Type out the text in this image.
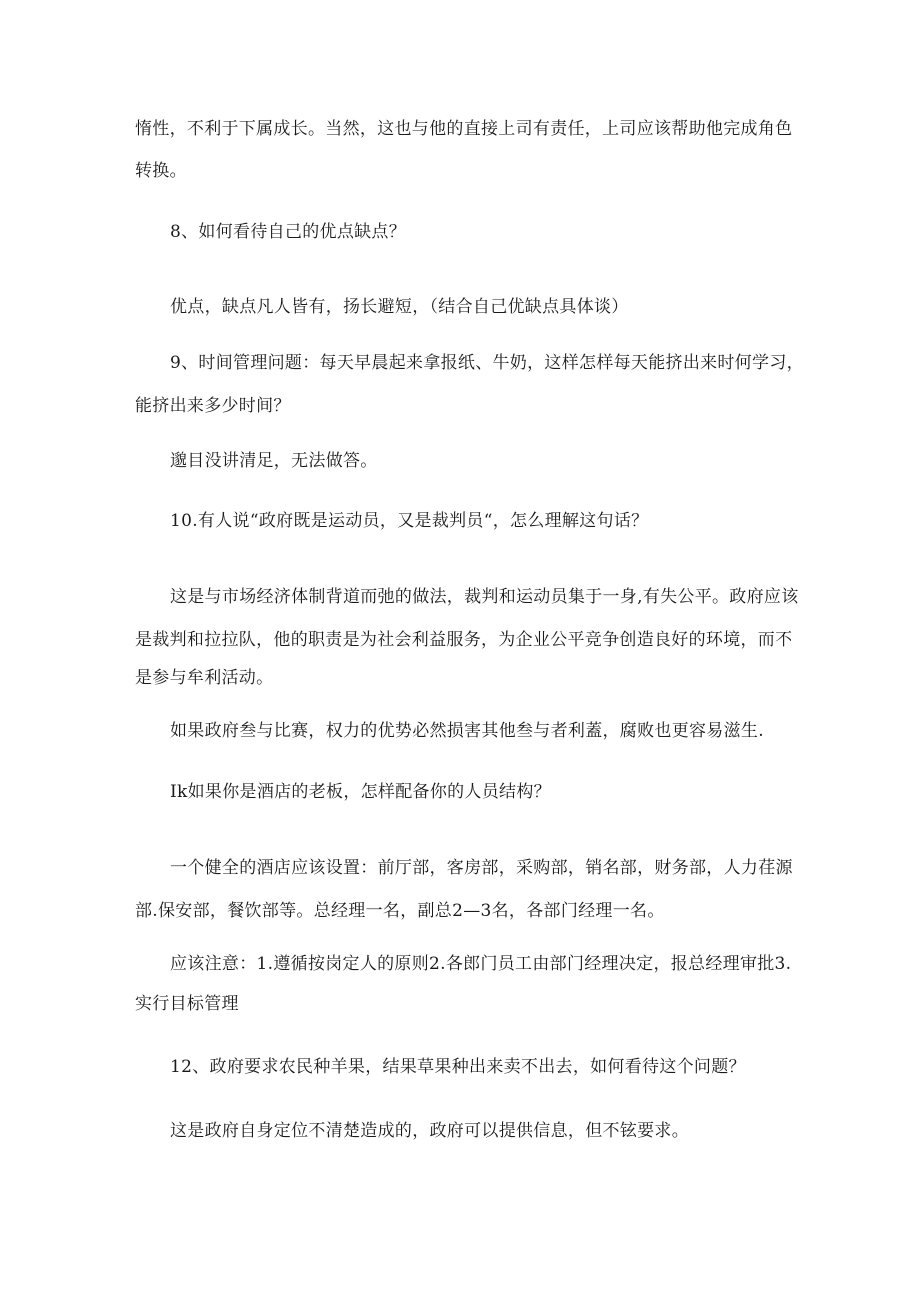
惰性，不利于下属成长。当然，这也与他的直接上司有责任，上司应该帮助他完成角色
转换。
8、如何看待自己的优点缺点？
优点，缺点凡人皆有，扬长避短，（结合自己优缺点具体谈）
9、时间管理问题：每天早晨起来拿报纸、牛奶，这样怎样每天能挤出来时何学习，
能挤出来多少时间？
邈目没讲清足，无法做答。
10.有人说“政府既是运动员，又是裁判员“，怎么理解这句话？
这是与市场经济体制背道而弛的做法，裁判和运动员集于一身,有失公平。政府应该
是裁判和拉拉队，他的职责是为社会利益服务，为企业公平竞争创造良好的环境，而不
是参与牟利活动。
如果政府叁与比赛，权力的优势必然损害其他叁与者利蓋，腐败也更容易滋生.
Ik如果你是酒店的老板，怎样配备你的人员结构？
一个健全的酒店应该设置：前厅部，客房部，采购部，销名部，财务部，人力荏源
部.保安部，餐饮部等。总经理一名，副总2—3名，各部门经理一名。
应该注意：1.遵循按岗定人的原则2.各郎门员工由部门经理决定，报总经理审批3.
实行目标管理
12、政府要求农民种羊果，结果草果种出来卖不出去，如何看待这个问题？
这是政府自身定位不清楚造成的，政府可以提供信息，但不铉要求。
